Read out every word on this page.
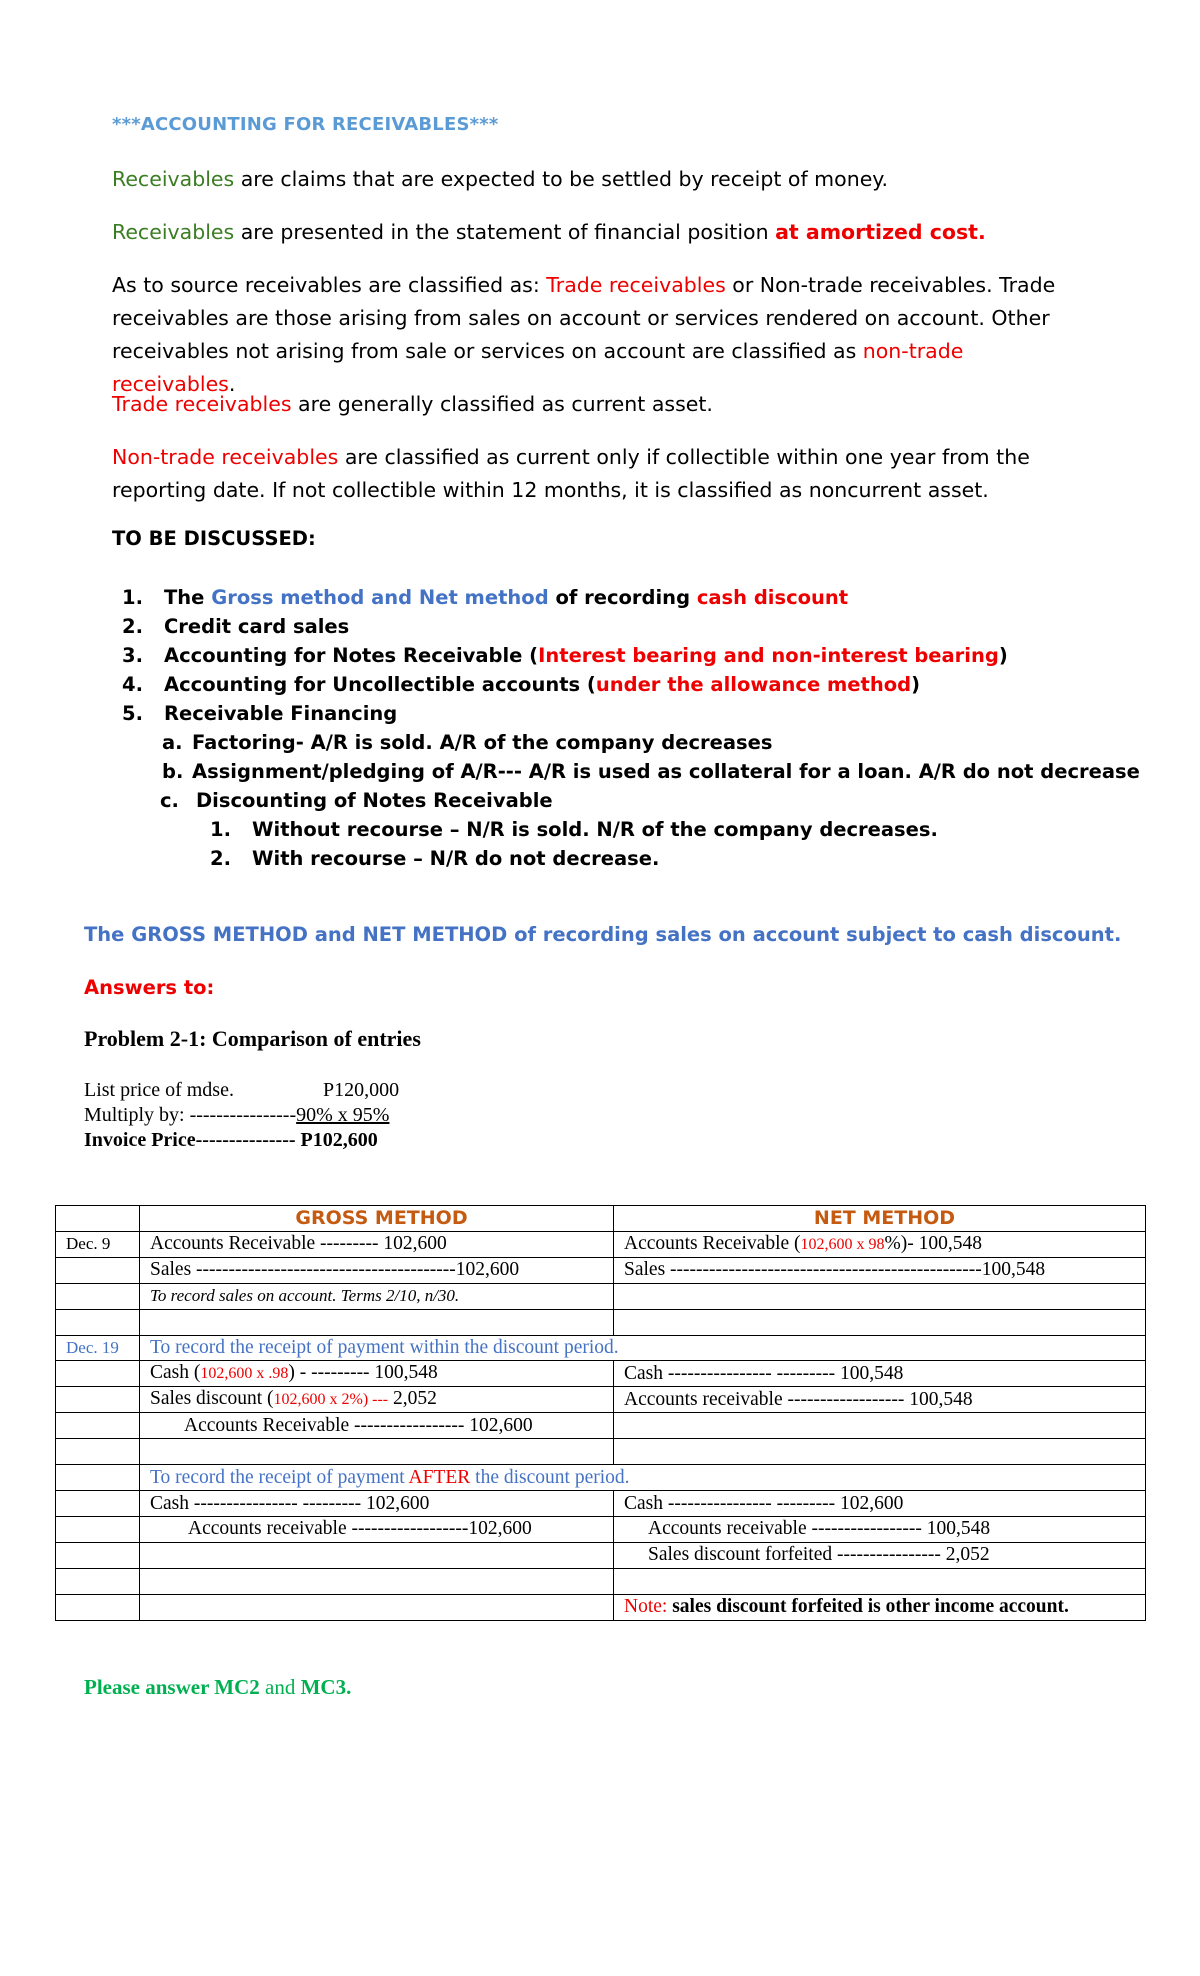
***ACCOUNTING FOR RECEIVABLES***
Receivables are claims that are expected to be settled by receipt of money.
Receivables are presented in the statement of financial position at amortized cost.
As to source receivables are classified as: Trade receivables or Non-trade receivables. Trade receivables are those arising from sales on account or services rendered on account. Other receivables not arising from sale or services on account are classified as non-trade receivables.
Trade receivables are generally classified as current asset.
Non-trade receivables are classified as current only if collectible within one year from the reporting date. If not collectible within 12 months, it is classified as noncurrent asset.
TO BE DISCUSSED:
1. The Gross method and Net method of recording cash discount
2. Credit card sales
3. Accounting for Notes Receivable (Interest bearing and non-interest bearing)
4. Accounting for Uncollectible accounts (under the allowance method)
5. Receivable Financing
a. Factoring- A/R is sold. A/R of the company decreases
b. Assignment/pledging of A/R--- A/R is used as collateral for a loan. A/R do not decrease
c. Discounting of Notes Receivable
1. Without recourse – N/R is sold. N/R of the company decreases.
2. With recourse – N/R do not decrease.
The GROSS METHOD and NET METHOD of recording sales on account subject to cash discount.
Answers to:
Problem 2-1: Comparison of entries
List price of mdse.	P120,000
Multiply by: ----------------90% x 95%
Invoice Price--------------- P102,600
	GROSS METHOD	NET METHOD
Dec. 9	Accounts Receivable --------- 102,600	Accounts Receivable (102,600 x 98%)- 100,548
	Sales ----------------------------------------102,600	Sales ------------------------------------------------100,548
	To record sales on account. Terms 2/10, n/30.	

Dec. 19	To record the receipt of payment within the discount period.	
	Cash (102,600 x .98) - --------- 100,548	Cash ---------------- --------- 100,548
	Sales discount (102,600 x 2%) --- 2,052	Accounts receivable ------------------ 100,548
	Accounts Receivable ----------------- 102,600	

	To record the receipt of payment AFTER the discount period.	
	Cash ---------------- --------- 102,600	Cash ---------------- --------- 102,600
	Accounts receivable ------------------102,600	Accounts receivable ----------------- 100,548
		Sales discount forfeited ---------------- 2,052

		Note: sales discount forfeited is other income account.
Please answer MC2 and MC3.
